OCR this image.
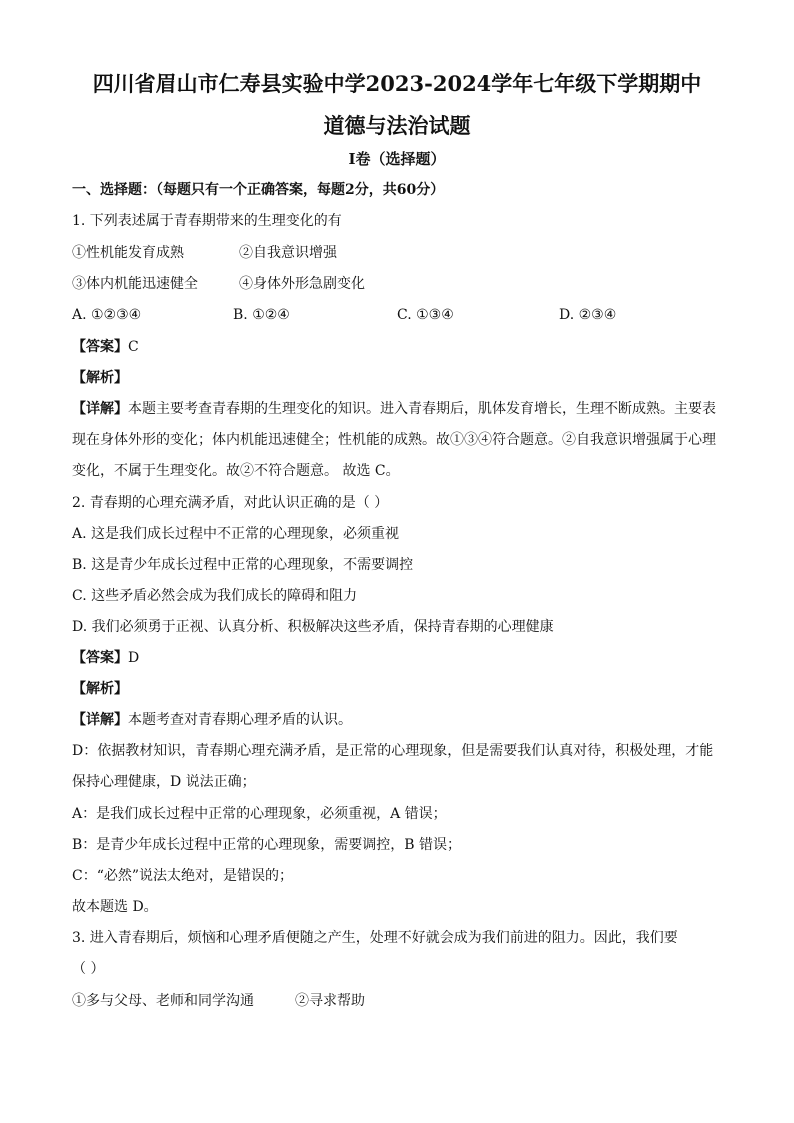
四川省眉山市仁寿县实验中学2023-2024学年七年级下学期期中
道德与法治试题
Ⅰ卷（选择题）
一、选择题：（每题只有一个正确答案，每题2分，共60分）
1. 下列表述属于青春期带来的生理变化的有
①性机能发育成熟	②自我意识增强
③体内机能迅速健全	④身体外形急剧变化
A. ①②③④	B. ①②④	C. ①③④	D. ②③④
【答案】C
【解析】
【详解】本题主要考查青春期的生理变化的知识。进入青春期后，肌体发育增长，生理不断成熟。主要表
现在身体外形的变化；体内机能迅速健全；性机能的成熟。故①③④符合题意。②自我意识增强属于心理
变化，不属于生理变化。故②不符合题意。 故选 C。
2. 青春期的心理充满矛盾，对此认识正确的是（ ）
A. 这是我们成长过程中不正常的心理现象，必须重视
B. 这是青少年成长过程中正常的心理现象，不需要调控
C. 这些矛盾必然会成为我们成长的障碍和阻力
D. 我们必须勇于正视、认真分析、积极解决这些矛盾，保持青春期的心理健康
【答案】D
【解析】
【详解】本题考查对青春期心理矛盾的认识。
D：依据教材知识，青春期心理充满矛盾，是正常的心理现象，但是需要我们认真对待，积极处理，才能
保持心理健康，D 说法正确；
A：是我们成长过程中正常的心理现象，必须重视，A 错误；
B：是青少年成长过程中正常的心理现象，需要调控，B 错误；
C：“必然”说法太绝对，是错误的；
故本题选 D。
3. 进入青春期后，烦恼和心理矛盾便随之产生，处理不好就会成为我们前进的阻力。因此，我们要
（ ）
①多与父母、老师和同学沟通	②寻求帮助
